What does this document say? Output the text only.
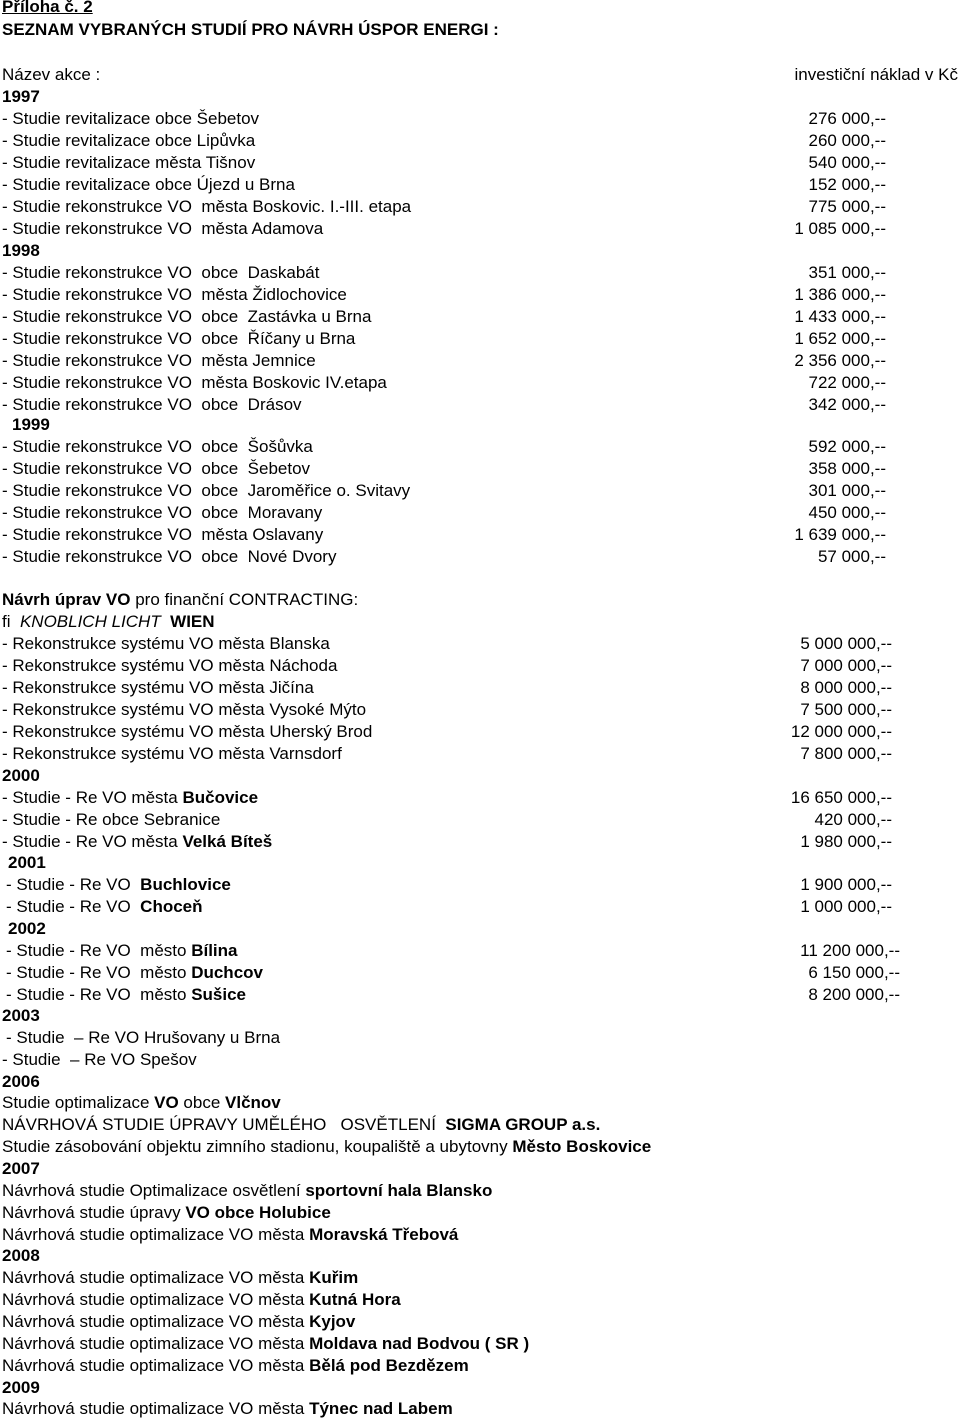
Příloha č. 2
SEZNAM VYBRANÝCH STUDIÍ PRO NÁVRH ÚSPOR ENERGI :
Název akce :	investiční náklad v Kč
1997
- Studie revitalizace obce Šebetov	276 000,--
- Studie revitalizace obce Lipůvka	260 000,--
- Studie revitalizace města Tišnov	540 000,--
- Studie revitalizace obce Újezd u Brna	152 000,--
- Studie rekonstrukce VO  města Boskovic. I.-III. etapa	775 000,--
- Studie rekonstrukce VO  města Adamova	1 085 000,--
1998
- Studie rekonstrukce VO  obce  Daskabát	351 000,--
- Studie rekonstrukce VO  města Židlochovice	1 386 000,--
- Studie rekonstrukce VO  obce  Zastávka u Brna	1 433 000,--
- Studie rekonstrukce VO  obce  Říčany u Brna	1 652 000,--
- Studie rekonstrukce VO  města Jemnice	2 356 000,--
- Studie rekonstrukce VO  města Boskovic IV.etapa	722 000,--
- Studie rekonstrukce VO  obce  Drásov	342 000,--
1999
- Studie rekonstrukce VO  obce  Šošůvka	592 000,--
- Studie rekonstrukce VO  obce  Šebetov	358 000,--
- Studie rekonstrukce VO  obce  Jaroměřice o. Svitavy	301 000,--
- Studie rekonstrukce VO  obce  Moravany	450 000,--
- Studie rekonstrukce VO  města Oslavany	1 639 000,--
- Studie rekonstrukce VO  obce  Nové Dvory	57 000,--
Návrh úprav VO pro finanční CONTRACTING:
fi  KNOBLICH LICHT  WIEN
- Rekonstrukce systému VO města Blanska	5 000 000,--
- Rekonstrukce systému VO města Náchoda	7 000 000,--
- Rekonstrukce systému VO města Jičína	8 000 000,--
- Rekonstrukce systému VO města Vysoké Mýto	7 500 000,--
- Rekonstrukce systému VO města Uherský Brod	12 000 000,--
- Rekonstrukce systému VO města Varnsdorf	7 800 000,--
2000
- Studie - Re VO města Bučovice	16 650 000,--
- Studie - Re obce Sebranice	420 000,--
- Studie - Re VO města Velká Bíteš	1 980 000,--
2001
- Studie - Re VO  Buchlovice	1 900 000,--
- Studie - Re VO  Choceň	1 000 000,--
2002
- Studie - Re VO  město Bílina	11 200 000,--
- Studie - Re VO  město Duchcov	6 150 000,--
- Studie - Re VO  město Sušice	8 200 000,--
2003
- Studie  – Re VO Hrušovany u Brna
- Studie  – Re VO Spešov
2006
Studie optimalizace VO obce Vlčnov
NÁVRHOVÁ STUDIE ÚPRAVY UMĚLÉHO   OSVĚTLENÍ  SIGMA GROUP a.s.
Studie zásobování objektu zimního stadionu, koupaliště a ubytovny Město Boskovice
2007
Návrhová studie Optimalizace osvětlení sportovní hala Blansko
Návrhová studie úpravy VO obce Holubice
Návrhová studie optimalizace VO města Moravská Třebová
2008
Návrhová studie optimalizace VO města Kuřim
Návrhová studie optimalizace VO města Kutná Hora
Návrhová studie optimalizace VO města Kyjov
Návrhová studie optimalizace VO města Moldava nad Bodvou ( SR )
Návrhová studie optimalizace VO města Bělá pod Bezdězem
2009
Návrhová studie optimalizace VO města Týnec nad Labem
